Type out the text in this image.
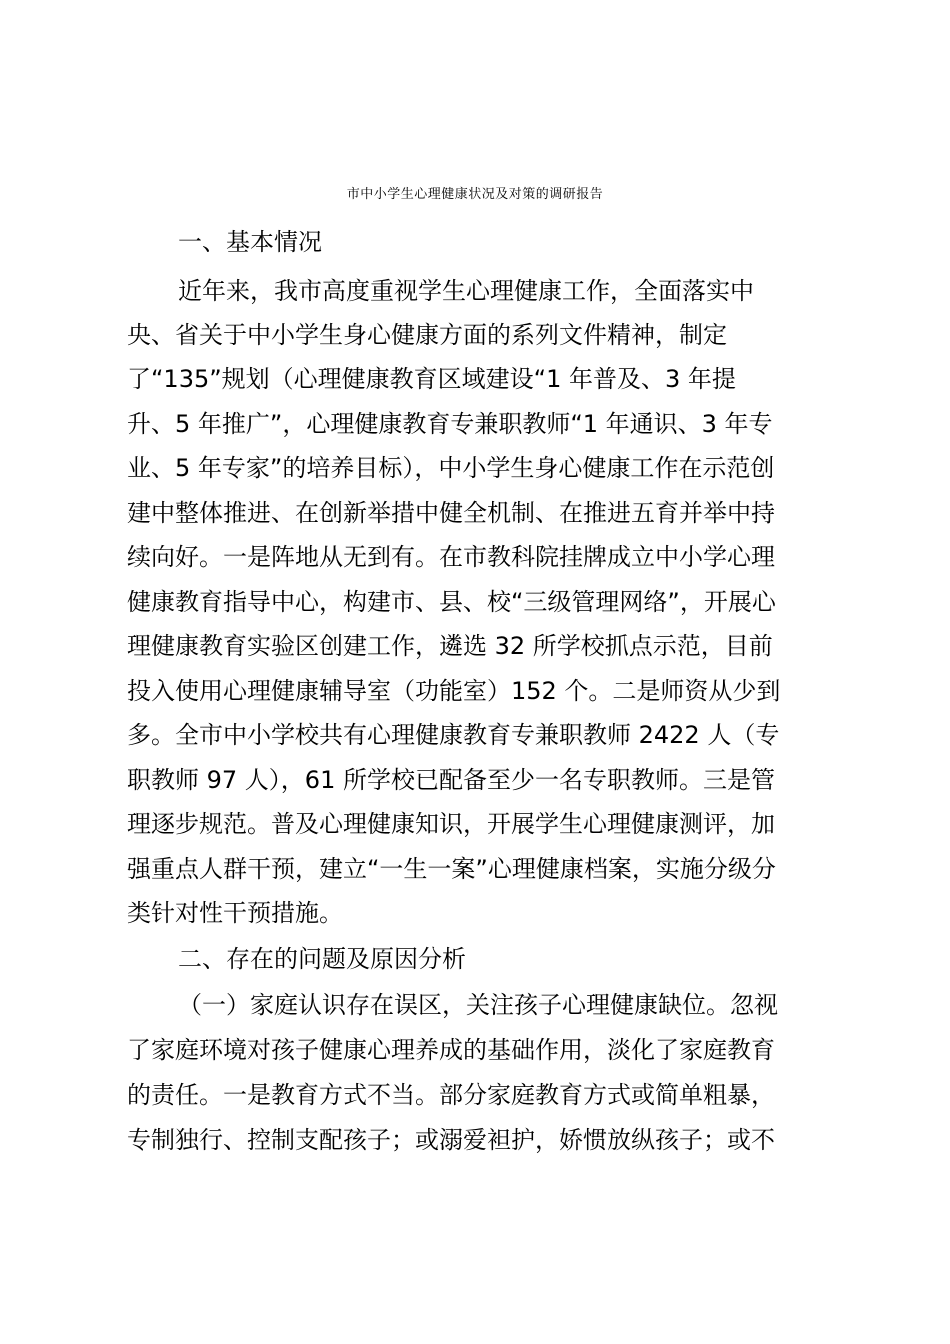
市中小学生心理健康状况及对策的调研报告
一、基本情况
近年来，我市高度重视学生心理健康工作，全面落实中
央、省关于中小学生身心健康方面的系列文件精神，制定
了“135”规划（心理健康教育区域建设“1 年普及、3 年提
升、5 年推广”，心理健康教育专兼职教师“1 年通识、3 年专
业、5 年专家”的培养目标），中小学生身心健康工作在示范创
建中整体推进、在创新举措中健全机制、在推进五育并举中持
续向好。一是阵地从无到有。在市教科院挂牌成立中小学心理
健康教育指导中心，构建市、县、校“三级管理网络”，开展心
理健康教育实验区创建工作，遴选 32 所学校抓点示范，目前
投入使用心理健康辅导室（功能室）152 个。二是师资从少到
多。全市中小学校共有心理健康教育专兼职教师 2422 人（专
职教师 97 人），61 所学校已配备至少一名专职教师。三是管
理逐步规范。普及心理健康知识，开展学生心理健康测评，加
强重点人群干预，建立“一生一案”心理健康档案，实施分级分
类针对性干预措施。
二、存在的问题及原因分析
（一）家庭认识存在误区，关注孩子心理健康缺位。忽视
了家庭环境对孩子健康心理养成的基础作用，淡化了家庭教育
的责任。一是教育方式不当。部分家庭教育方式或简单粗暴，
专制独行、控制支配孩子；或溺爱袒护，娇惯放纵孩子；或不
